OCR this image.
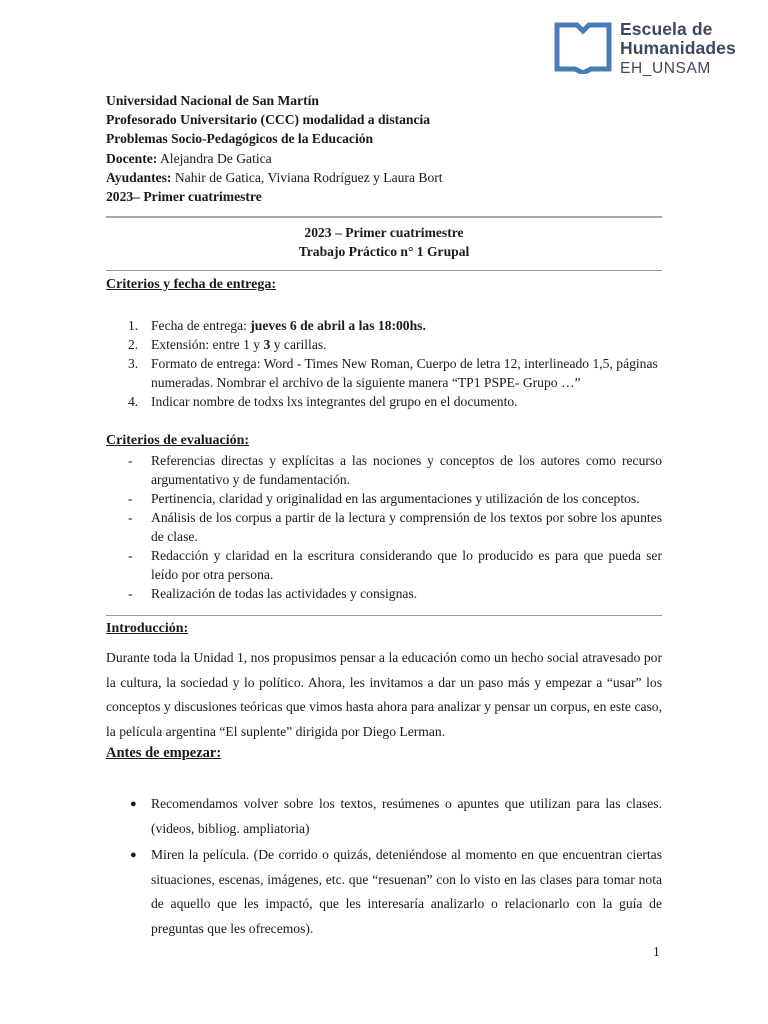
Escuela de
Humanidades
EH_UNSAM
Universidad Nacional de San Martín
Profesorado Universitario (CCC) modalidad a distancia
Problemas Socio-Pedagógicos de la Educación
Docente: Alejandra De Gatica
Ayudantes: Nahir de Gatica, Viviana Rodríguez y Laura Bort
2023– Primer cuatrimestre
2023 – Primer cuatrimestre
Trabajo Práctico n° 1 Grupal
Criterios y fecha de entrega:
1. Fecha de entrega: jueves 6 de abril a las 18:00hs.
2. Extensión: entre 1 y 3 y carillas.
3. Formato de entrega: Word - Times New Roman, Cuerpo de letra 12, interlineado 1,5, páginas numeradas. Nombrar el archivo de la siguiente manera “TP1 PSPE- Grupo …”
4. Indicar nombre de todxs lxs integrantes del grupo en el documento.
Criterios de evaluación:
- Referencias directas y explícitas a las nociones y conceptos de los autores como recurso argumentativo y de fundamentación.
- Pertinencia, claridad y originalidad en las argumentaciones y utilización de los conceptos.
- Análisis de los corpus a partir de la lectura y comprensión de los textos por sobre los apuntes de clase.
- Redacción y claridad en la escritura considerando que lo producido es para que pueda ser leído por otra persona.
- Realización de todas las actividades y consignas.
Introducción:
Durante toda la Unidad 1, nos propusimos pensar a la educación como un hecho social atravesado por la cultura, la sociedad y lo político. Ahora, les invitamos a dar un paso más y empezar a “usar” los conceptos y discusiones teóricas que vimos hasta ahora para analizar y pensar un corpus, en este caso, la película argentina “El suplente” dirigida por Diego Lerman.
Antes de empezar:
● Recomendamos volver sobre los textos, resúmenes o apuntes que utilizan para las clases. (videos, bibliog. ampliatoria)
● Miren la película. (De corrido o quizás, deteniéndose al momento en que encuentran ciertas situaciones, escenas, imágenes, etc. que “resuenan” con lo visto en las clases para tomar nota de aquello que les impactó, que les interesaría analizarlo o relacionarlo con la guía de preguntas que les ofrecemos).
1
